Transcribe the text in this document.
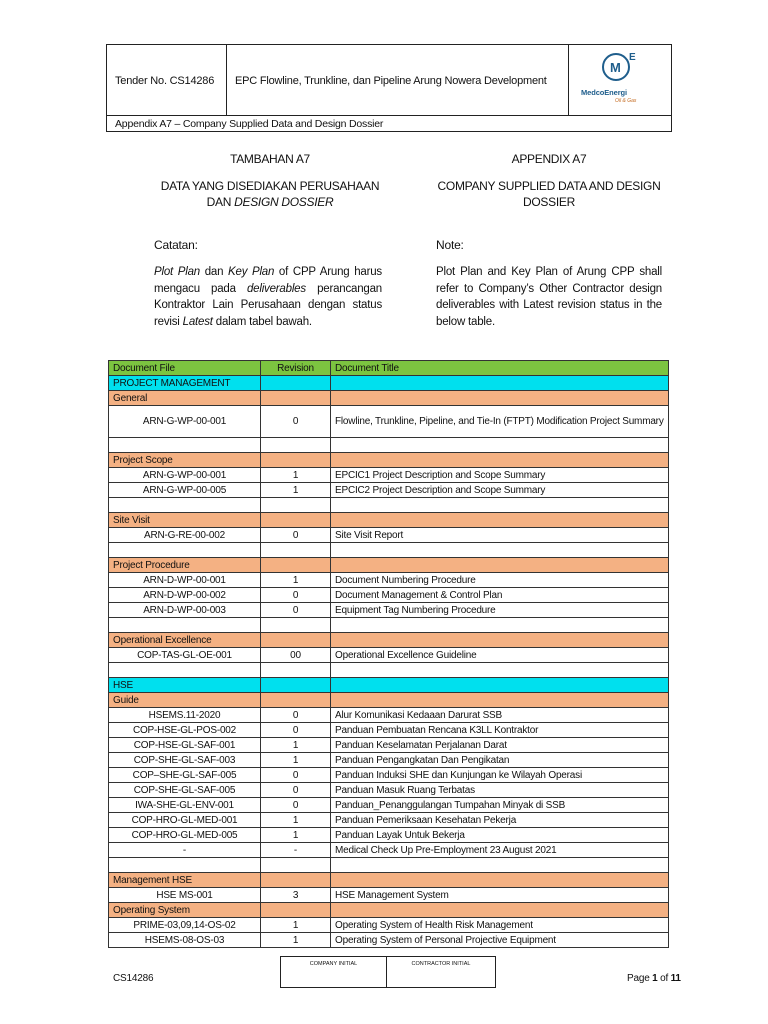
Tender No. CS14286	EPC Flowline, Trunkline, dan Pipeline Arung Nowera Development
M
E
MedcoEnergi
Oil & Gas
Appendix A7 – Company Supplied Data and Design Dossier
TAMBAHAN A7
DATA YANG DISEDIAKAN PERUSAHAAN
DAN DESIGN DOSSIER
Catatan:
Plot Plan dan Key Plan of CPP Arung harus mengacu pada deliverables perancangan Kontraktor Lain Perusahaan dengan status revisi Latest dalam tabel bawah.
APPENDIX A7
COMPANY SUPPLIED DATA AND DESIGN
DOSSIER
Note:
Plot Plan and Key Plan of Arung CPP shall refer to Company’s Other Contractor design deliverables with Latest revision status in the below table.
Document File	Revision	Document Title
PROJECT MANAGEMENT		
General		
ARN-G-WP-00-001	0	Flowline, Trunkline, Pipeline, and Tie-In (FTPT) Modification Project Summary

Project Scope		
ARN-G-WP-00-001	1	EPCIC1 Project Description and Scope Summary
ARN-G-WP-00-005	1	EPCIC2 Project Description and Scope Summary

Site Visit		
ARN-G-RE-00-002	0	Site Visit Report

Project Procedure		
ARN-D-WP-00-001	1	Document Numbering Procedure
ARN-D-WP-00-002	0	Document Management & Control Plan
ARN-D-WP-00-003	0	Equipment Tag Numbering Procedure

Operational Excellence		
COP-TAS-GL-OE-001	00	Operational Excellence Guideline

HSE		
Guide		
HSEMS.11-2020	0	Alur Komunikasi Kedaaan Darurat SSB
COP-HSE-GL-POS-002	0	Panduan Pembuatan Rencana K3LL Kontraktor
COP-HSE-GL-SAF-001	1	Panduan Keselamatan Perjalanan Darat
COP-SHE-GL-SAF-003	1	Panduan Pengangkatan Dan Pengikatan
COP–SHE-GL-SAF-005	0	Panduan Induksi SHE dan Kunjungan ke Wilayah Operasi
COP-SHE-GL-SAF-005	0	Panduan Masuk Ruang Terbatas
IWA-SHE-GL-ENV-001	0	Panduan_Penanggulangan Tumpahan Minyak di SSB
COP-HRO-GL-MED-001	1	Panduan Pemeriksaan Kesehatan Pekerja
COP-HRO-GL-MED-005	1	Panduan Layak Untuk Bekerja
-	-	Medical Check Up Pre-Employment 23 August 2021

Management HSE		
HSE MS-001	3	HSE Management System
Operating System		
PRIME-03,09,14-OS-02	1	Operating System of Health Risk Management
HSEMS-08-OS-03	1	Operating System of Personal Projective Equipment
CS14286
COMPANY INITIAL	CONTRACTOR INITIAL
Page 1 of 11
